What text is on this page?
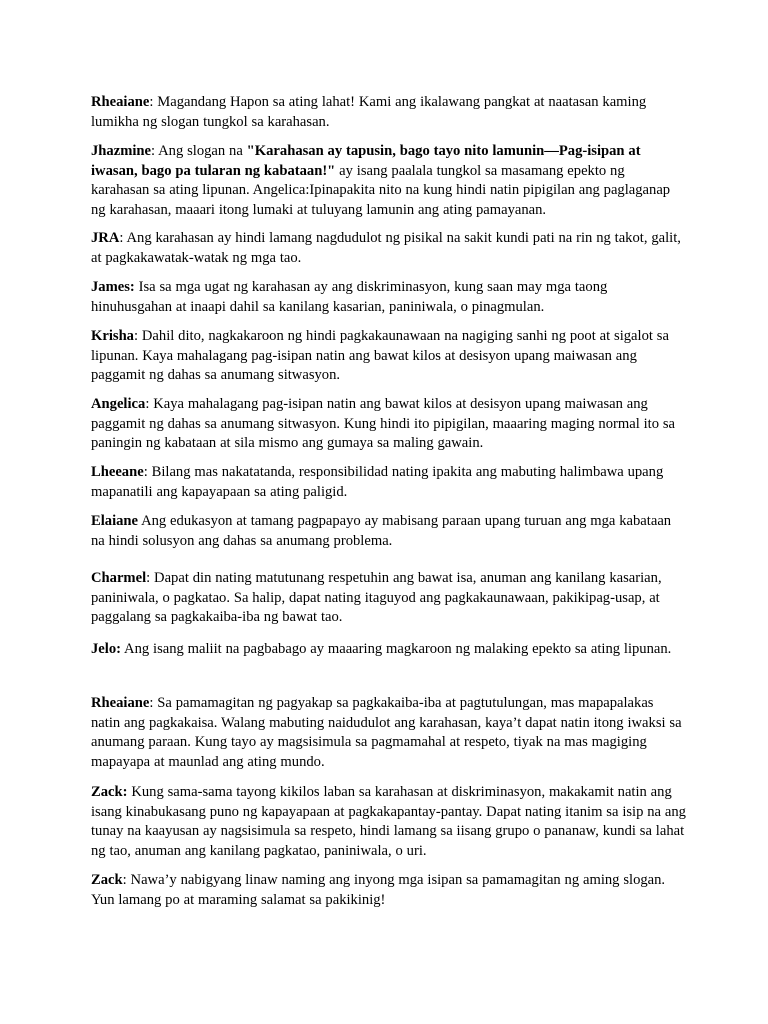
Rheaiane: Magandang Hapon sa ating lahat! Kami ang ikalawang pangkat at naatasan kaming lumikha ng slogan tungkol sa karahasan.

Jhazmine: Ang slogan na "Karahasan ay tapusin, bago tayo nito lamunin—Pag-isipan at iwasan, bago pa tularan ng kabataan!" ay isang paalala tungkol sa masamang epekto ng karahasan sa ating lipunan. Angelica:Ipinapakita nito na kung hindi natin pipigilan ang paglaganap ng karahasan, maaari itong lumaki at tuluyang lamunin ang ating pamayanan.

JRA: Ang karahasan ay hindi lamang nagdudulot ng pisikal na sakit kundi pati na rin ng takot, galit, at pagkakawatak-watak ng mga tao.

James: Isa sa mga ugat ng karahasan ay ang diskriminasyon, kung saan may mga taong hinuhusgahan at inaapi dahil sa kanilang kasarian, paniniwala, o pinagmulan.

Krisha: Dahil dito, nagkakaroon ng hindi pagkakaunawaan na nagiging sanhi ng poot at sigalot sa lipunan. Kaya mahalagang pag-isipan natin ang bawat kilos at desisyon upang maiwasan ang paggamit ng dahas sa anumang sitwasyon.

Angelica: Kaya mahalagang pag-isipan natin ang bawat kilos at desisyon upang maiwasan ang paggamit ng dahas sa anumang sitwasyon. Kung hindi ito pipigilan, maaaring maging normal ito sa paningin ng kabataan at sila mismo ang gumaya sa maling gawain.

Lheeane: Bilang mas nakatatanda, responsibilidad nating ipakita ang mabuting halimbawa upang mapanatili ang kapayapaan sa ating paligid.

Elaiane Ang edukasyon at tamang pagpapayo ay mabisang paraan upang turuan ang mga kabataan na hindi solusyon ang dahas sa anumang problema.

Charmel: Dapat din nating matutunang respetuhin ang bawat isa, anuman ang kanilang kasarian, paniniwala, o pagkatao. Sa halip, dapat nating itaguyod ang pagkakaunawaan, pakikipag-usap, at paggalang sa pagkakaiba-iba ng bawat tao.

Jelo: Ang isang maliit na pagbabago ay maaaring magkaroon ng malaking epekto sa ating lipunan.

Rheaiane: Sa pamamagitan ng pagyakap sa pagkakaiba-iba at pagtutulungan, mas mapapalakas natin ang pagkakaisa. Walang mabuting naidudulot ang karahasan, kaya’t dapat natin itong iwaksi sa anumang paraan. Kung tayo ay magsisimula sa pagmamahal at respeto, tiyak na mas magiging mapayapa at maunlad ang ating mundo.

Zack: Kung sama-sama tayong kikilos laban sa karahasan at diskriminasyon, makakamit natin ang isang kinabukasang puno ng kapayapaan at pagkakapantay-pantay. Dapat nating itanim sa isip na ang tunay na kaayusan ay nagsisimula sa respeto, hindi lamang sa iisang grupo o pananaw, kundi sa lahat ng tao, anuman ang kanilang pagkatao, paniniwala, o uri.

Zack: Nawa’y nabigyang linaw naming ang inyong mga isipan sa pamamagitan ng aming slogan. Yun lamang po at maraming salamat sa pakikinig!
